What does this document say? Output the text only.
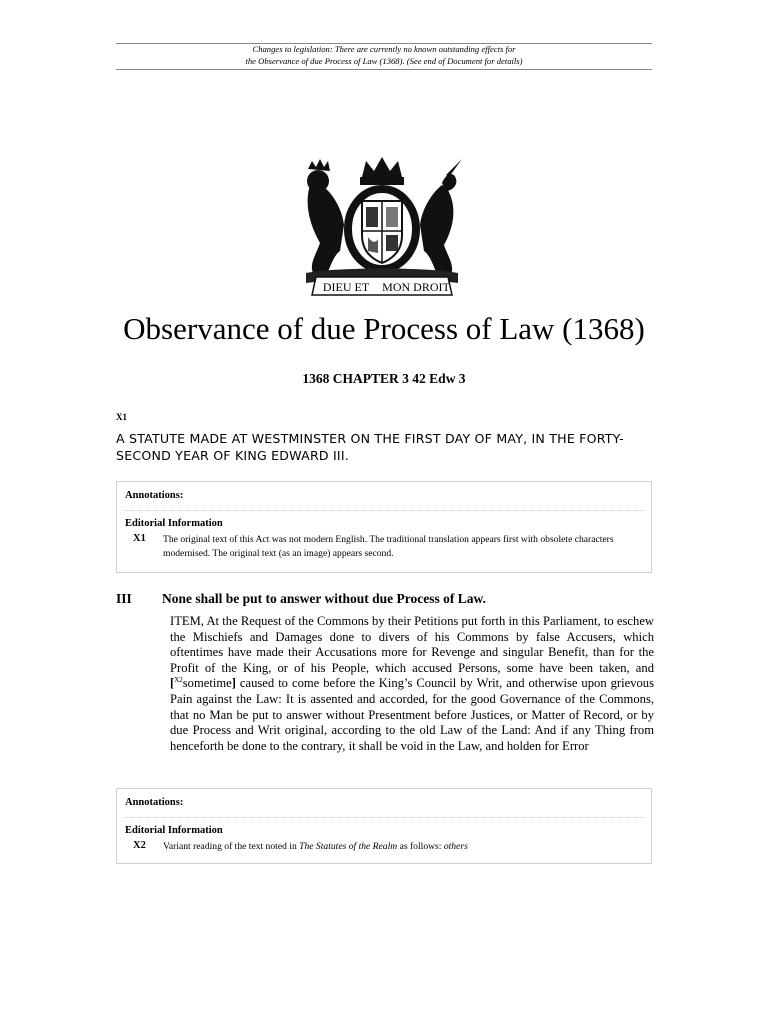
Changes to legislation: There are currently no known outstanding effects for
the Observance of due Process of Law (1368). (See end of Document for details)
DIEU ET MON DROIT
Observance of due Process of Law (1368)
1368 CHAPTER 3 42 Edw 3
X1
A STATUTE MADE AT WESTMINSTER ON THE FIRST DAY OF MAY, IN THE FORTY-SECOND YEAR OF KING EDWARD III.
Annotations:
Editorial Information
X1 The original text of this Act was not modern English. The traditional translation appears first with obsolete characters modernised. The original text (as an image) appears second.
III None shall be put to answer without due Process of Law.
ITEM, At the Request of the Commons by their Petitions put forth in this Parliament, to eschew the Mischiefs and Damages done to divers of his Commons by false Accusers, which oftentimes have made their Accusations more for Revenge and singular Benefit, than for the Profit of the King, or of his People, which accused Persons, some have been taken, and [$^{X2}$sometime] caused to come before the King’s Council by Writ, and otherwise upon grievous Pain against the Law: It is assented and accorded, for the good Governance of the Commons, that no Man be put to answer without Presentment before Justices, or Matter of Record, or by due Process and Writ original, according to the old Law of the Land: And if any Thing from henceforth be done to the contrary, it shall be void in the Law, and holden for Error
Annotations:
Editorial Information
X2 Variant reading of the text noted in The Statutes of the Realm as follows: others
